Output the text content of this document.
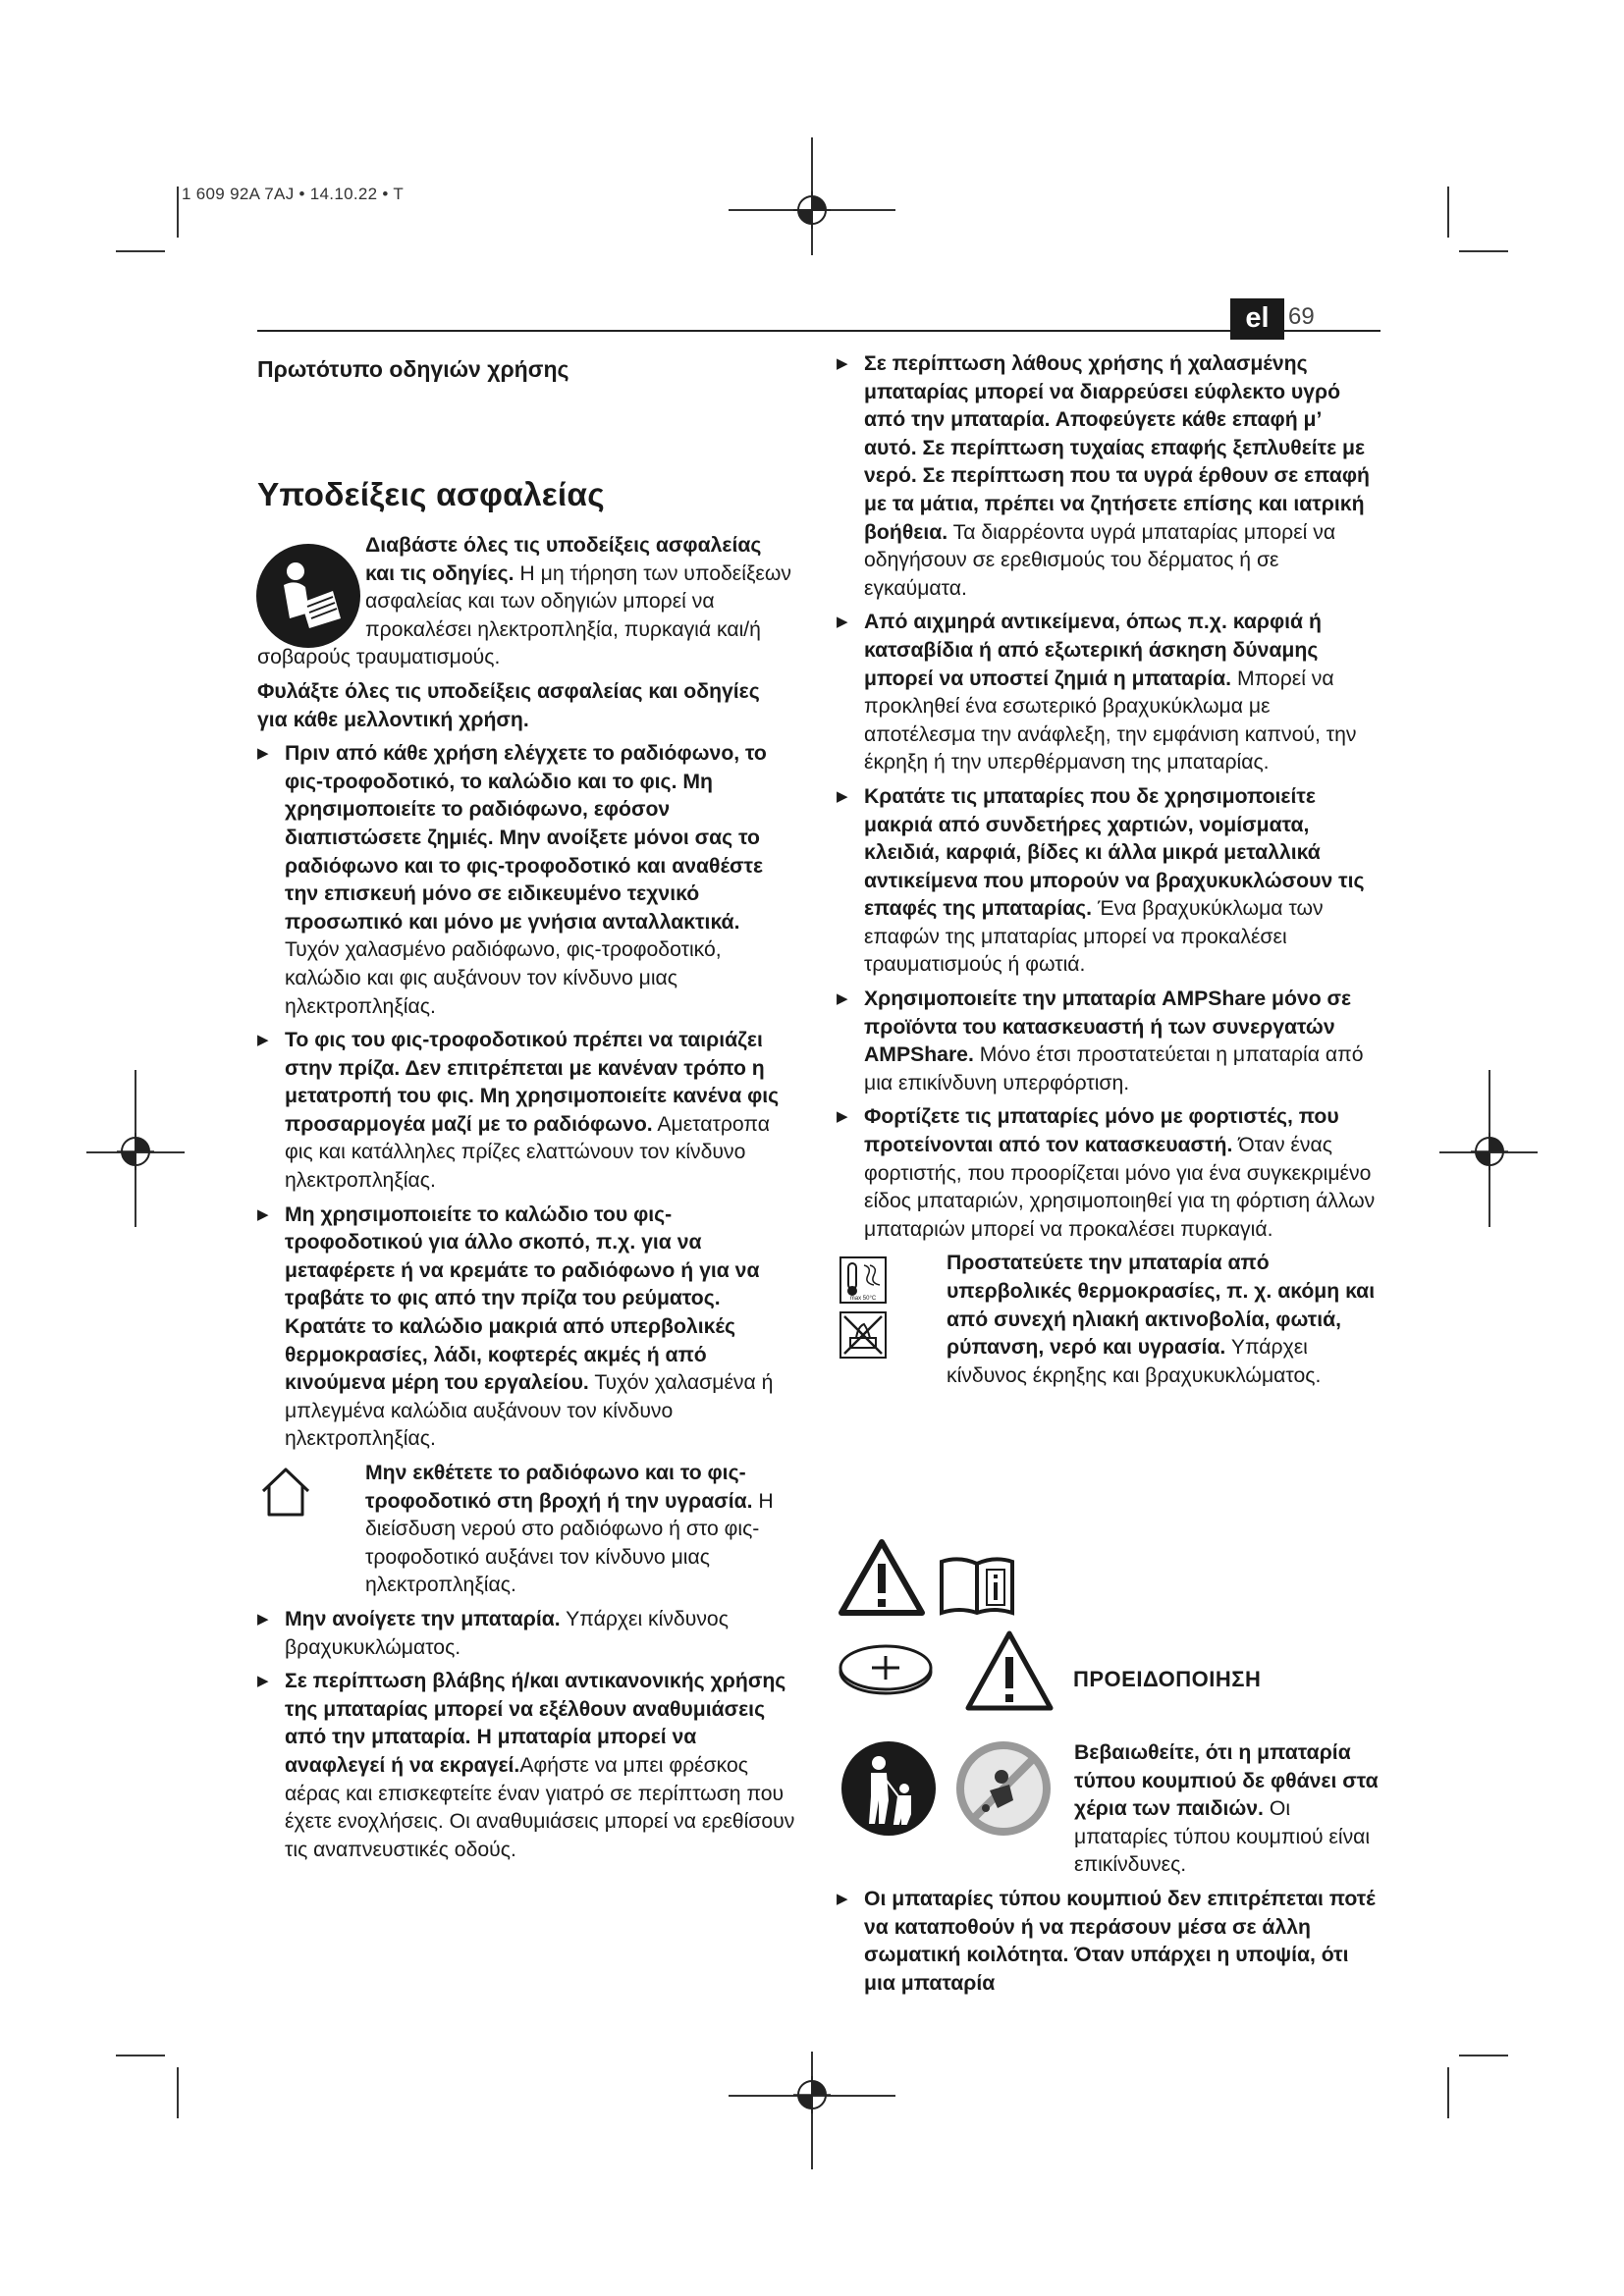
1 609 92A 7AJ • 14.10.22 • T
el 69
Πρωτότυπο οδηγιών χρήσης
Υποδείξεις ασφαλείας

Διαβάστε όλες τις υποδείξεις ασφαλείας και τις οδηγίες. Η μη τήρηση των υποδείξεων ασφαλείας και των οδηγιών μπορεί να προκαλέσει ηλεκτροπληξία, πυρκαγιά και/ή σοβαρούς τραυματισμούς.

Φυλάξτε όλες τις υποδείξεις ασφαλείας και οδηγίες για κάθε μελλοντική χρήση.

▶ Πριν από κάθε χρήση ελέγχετε το ραδιόφωνο, το φις-τροφοδοτικό, το καλώδιο και το φις. Μη χρησιμοποιείτε το ραδιόφωνο, εφόσον διαπιστώσετε ζημιές. Μην ανοίξετε μόνοι σας το ραδιόφωνο και το φις-τροφοδοτικό και αναθέστε την επισκευή μόνο σε ειδικευμένο τεχνικό προσωπικό και μόνο με γνήσια ανταλλακτικά. Τυχόν χαλασμένο ραδιόφωνο, φις-τροφοδοτικό, καλώδιο και φις αυξάνουν τον κίνδυνο μιας ηλεκτροπληξίας.

▶ Το φις του φις-τροφοδοτικού πρέπει να ταιριάζει στην πρίζα. Δεν επιτρέπεται με κανέναν τρόπο η μετατροπή του φις. Μη χρησιμοποιείτε κανένα φις προσαρμογέα μαζί με το ραδιόφωνο. Αμετατροπα φις και κατάλληλες πρίζες ελαττώνουν τον κίνδυνο ηλεκτροπληξίας.

▶ Μη χρησιμοποιείτε το καλώδιο του φις-τροφοδοτικού για άλλο σκοπό, π.χ. για να μεταφέρετε ή να κρεμάτε το ραδιόφωνο ή για να τραβάτε το φις από την πρίζα του ρεύματος. Κρατάτε το καλώδιο μακριά από υπερβολικές θερμοκρασίες, λάδι, κοφτερές ακμές ή από κινούμενα μέρη του εργαλείου. Τυχόν χαλασμένα ή μπλεγμένα καλώδια αυξάνουν τον κίνδυνο ηλεκτροπληξίας.

Μην εκθέτετε το ραδιόφωνο και το φις-τροφοδοτικό στη βροχή ή την υγρασία. Η διείσδυση νερού στο ραδιόφωνο ή στο φις-τροφοδοτικό αυξάνει τον κίνδυνο μιας ηλεκτροπληξίας.

▶ Μην ανοίγετε την μπαταρία. Υπάρχει κίνδυνος βραχυκυκλώματος.

▶ Σε περίπτωση βλάβης ή/και αντικανονικής χρήσης της μπαταρίας μπορεί να εξέλθουν αναθυμιάσεις από την μπαταρία. Η μπαταρία μπορεί να αναφλεγεί ή να εκραγεί.Αφήστε να μπει φρέσκος αέρας και επισκεφτείτε έναν γιατρό σε περίπτωση που έχετε ενοχλήσεις. Οι αναθυμιάσεις μπορεί να ερεθίσουν τις αναπνευστικές οδούς.

▶ Σε περίπτωση λάθους χρήσης ή χαλασμένης μπαταρίας μπορεί να διαρρεύσει εύφλεκτο υγρό από την μπαταρία. Αποφεύγετε κάθε επαφή μ’ αυτό. Σε περίπτωση τυχαίας επαφής ξεπλυθείτε με νερό. Σε περίπτωση που τα υγρά έρθουν σε επαφή με τα μάτια, πρέπει να ζητήσετε επίσης και ιατρική βοήθεια. Τα διαρρέοντα υγρά μπαταρίας μπορεί να οδηγήσουν σε ερεθισμούς του δέρματος ή σε εγκαύματα.

▶ Από αιχμηρά αντικείμενα, όπως π.χ. καρφιά ή κατσαβίδια ή από εξωτερική άσκηση δύναμης μπορεί να υποστεί ζημιά η μπαταρία. Μπορεί να προκληθεί ένα εσωτερικό βραχυκύκλωμα με αποτέλεσμα την ανάφλεξη, την εμφάνιση καπνού, την έκρηξη ή την υπερθέρμανση της μπαταρίας.

▶ Κρατάτε τις μπαταρίες που δε χρησιμοποιείτε μακριά από συνδετήρες χαρτιών, νομίσματα, κλειδιά, καρφιά, βίδες κι άλλα μικρά μεταλλικά αντικείμενα που μπορούν να βραχυκυκλώσουν τις επαφές της μπαταρίας. Ένα βραχυκύκλωμα των επαφών της μπαταρίας μπορεί να προκαλέσει τραυματισμούς ή φωτιά.

▶ Χρησιμοποιείτε την μπαταρία AMPShare μόνο σε προϊόντα του κατασκευαστή ή των συνεργατών AMPShare. Μόνο έτσι προστατεύεται η μπαταρία από μια επικίνδυνη υπερφόρτιση.

▶ Φορτίζετε τις μπαταρίες μόνο με φορτιστές, που προτείνονται από τον κατασκευαστή. Όταν ένας φορτιστής, που προορίζεται μόνο για ένα συγκεκριμένο είδος μπαταριών, χρησιμοποιηθεί για τη φόρτιση άλλων μπαταριών μπορεί να προκαλέσει πυρκαγιά.

max 50°C
Προστατεύετε την μπαταρία από υπερβολικές θερμοκρασίες, π. χ. ακόμη και από συνεχή ηλιακή ακτινοβολία, φωτιά, ρύπανση, νερό και υγρασία. Υπάρχει κίνδυνος έκρηξης και βραχυκυκλώματος.

ΠΡΟΕΙΔΟΠΟΙΗΣΗ

Βεβαιωθείτε, ότι η μπαταρία τύπου κουμπιού δε φθάνει στα χέρια των παιδιών. Οι μπαταρίες τύπου κουμπιού είναι επικίνδυνες.

▶ Οι μπαταρίες τύπου κουμπιού δεν επιτρέπεται ποτέ να καταποθούν ή να περάσουν μέσα σε άλλη σωματική κοιλότητα. Όταν υπάρχει η υποψία, ότι μια μπαταρία
